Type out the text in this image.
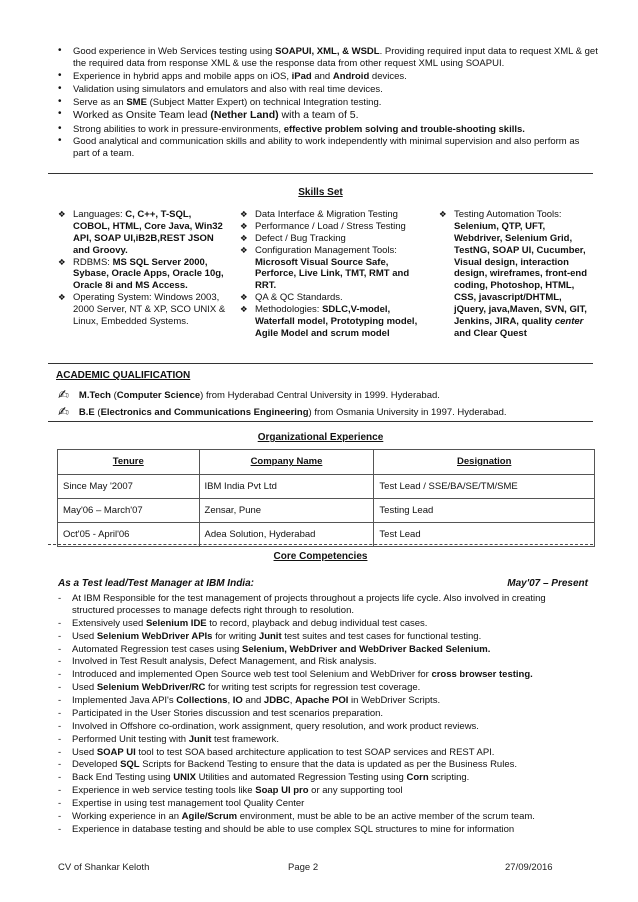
• Good experience in Web Services testing using SOAPUI, XML, & WSDL. Providing required input data to request XML & get the required data from response XML & use the response data from other request XML using SOAPUI.
• Experience in hybrid apps and mobile apps on iOS, iPad and Android devices.
• Validation using simulators and emulators and also with real time devices.
• Serve as an SME (Subject Matter Expert) on technical Integration testing.
• Worked as Onsite Team lead (Nether Land) with a team of 5.
• Strong abilities to work in pressure-environments, effective problem solving and trouble-shooting skills.
• Good analytical and communication skills and ability to work independently with minimal supervision and also perform as part of a team.
Skills Set
❖ Languages: C, C++, T-SQL, COBOL, HTML, Core Java, Win32 API, SOAP UI,iB2B,REST JSON and Groovy.
❖ RDBMS: MS SQL Server 2000, Sybase, Oracle Apps, Oracle 10g, Oracle 8i and MS Access.
❖ Operating System: Windows 2003, 2000 Server, NT & XP, SCO UNIX & Linux, Embedded Systems.
❖ Data Interface & Migration Testing
❖ Performance / Load / Stress Testing
❖ Defect / Bug Tracking
❖ Configuration Management Tools: Microsoft Visual Source Safe, Perforce, Live Link, TMT, RMT and RRT.
❖ QA & QC Standards.
❖ Methodologies: SDLC,V-model, Waterfall model, Prototyping model, Agile Model and scrum model
❖ Testing Automation Tools: Selenium, QTP, UFT, Webdriver, Selenium Grid, TestNG, SOAP UI, Cucumber, Visual design, interaction design, wireframes, front-end coding, Photoshop, HTML, CSS, javascript/DHTML, jQuery, java,Maven, SVN, GIT, Jenkins, JIRA, quality center and Clear Quest
ACADEMIC QUALIFICATION
✍ M.Tech (Computer Science) from Hyderabad Central University in 1999. Hyderabad.
✍ B.E (Electronics and Communications Engineering) from Osmania University in 1997. Hyderabad.
Organizational Experience
Tenure	Company Name	Designation
Since May '2007	IBM India Pvt Ltd	Test Lead / SSE/BA/SE/TM/SME
May'06 – March'07	Zensar, Pune	Testing Lead
Oct'05 - April'06	Adea Solution, Hyderabad	Test Lead
Core Competencies
As a Test lead/Test Manager at IBM India:	May'07 – Present
- At IBM Responsible for the test management of projects throughout a projects life cycle. Also involved in creating structured processes to manage defects right through to resolution.
- Extensively used Selenium IDE to record, playback and debug individual test cases.
- Used Selenium WebDriver APIs for writing Junit test suites and test cases for functional testing.
- Automated Regression test cases using Selenium, WebDriver and WebDriver Backed Selenium.
- Involved in Test Result analysis, Defect Management, and Risk analysis.
- Introduced and implemented Open Source web test tool Selenium and WebDriver for cross browser testing.
- Used Selenium WebDriver/RC for writing test scripts for regression test coverage.
- Implemented Java API's Collections, IO and JDBC, Apache POI in WebDriver Scripts.
- Participated in the User Stories discussion and test scenarios preparation.
- Involved in Offshore co-ordination, work assignment, query resolution, and work product reviews.
- Performed Unit testing with Junit test framework.
- Used SOAP UI tool to test SOA based architecture application to test SOAP services and REST API.
- Developed SQL Scripts for Backend Testing to ensure that the data is updated as per the Business Rules.
- Back End Testing using UNIX Utilities and automated Regression Testing using Corn scripting.
- Experience in web service testing tools like Soap UI pro or any supporting tool
- Expertise in using test management tool Quality Center
- Working experience in an Agile/Scrum environment, must be able to be an active member of the scrum team.
- Experience in database testing and should be able to use complex SQL structures to mine for information
CV of Shankar Keloth	Page 2	27/09/2016
